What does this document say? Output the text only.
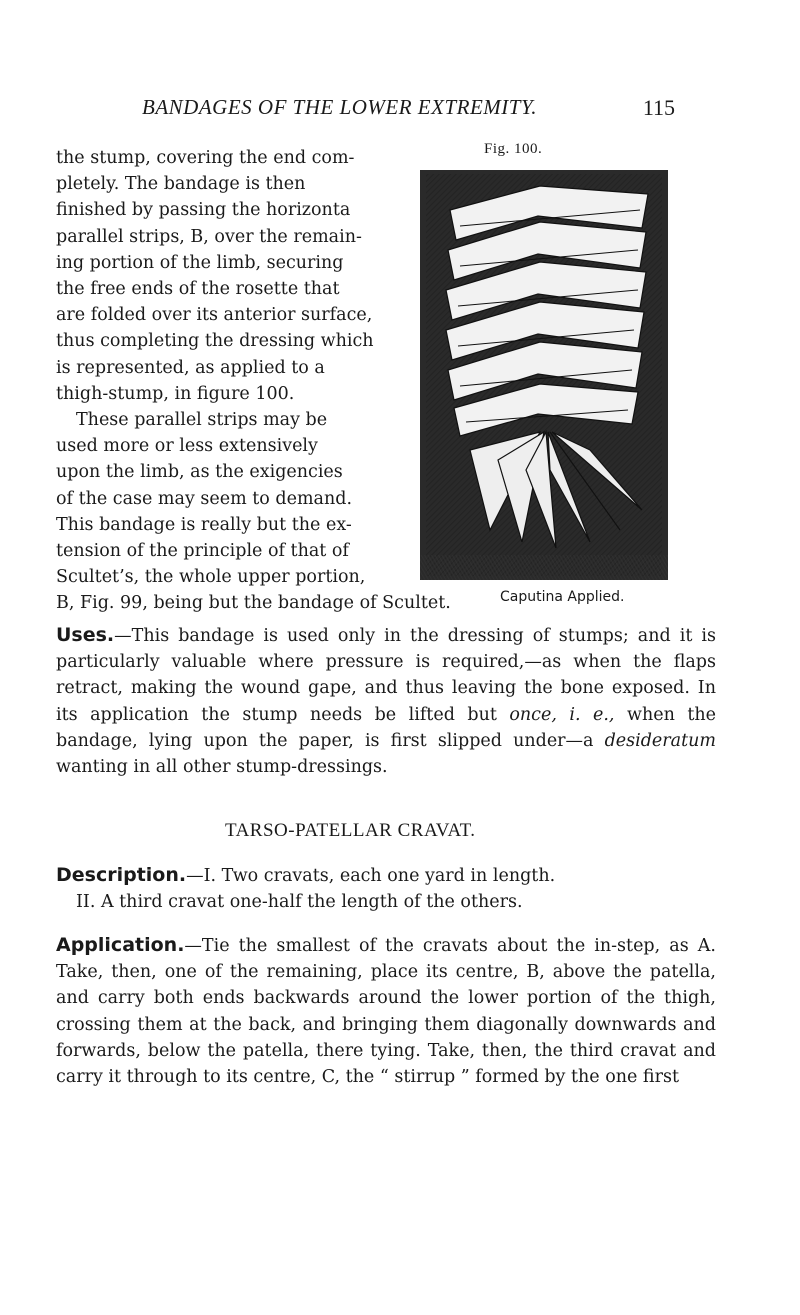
BANDAGES OF THE LOWER EXTREMITY.	115
Fig. 100.
Caputina Applied.
the stump, covering the end com-
pletely. The bandage is then
finished by passing the horizonta
parallel strips, B, over the remain-
ing portion of the limb, securing
the free ends of the rosette that
are folded over its anterior surface,
thus completing the dressing which
is represented, as applied to a
thigh-stump, in figure 100.
These parallel strips may be
used more or less extensively
upon the limb, as the exigencies
of the case may seem to demand.
This bandage is really but the ex-
tension of the principle of that of
Scultet’s, the whole upper portion,
B, Fig. 99, being but the bandage of Scultet.
Uses.—This bandage is used only in the dressing of stumps; and it is particularly valuable where pressure is required,—as when the flaps retract, making the wound gape, and thus leaving the bone exposed. In its application the stump needs be lifted but once, i. e., when the bandage, lying upon the paper, is first slipped under—a desideratum wanting in all other stump-dressings.
TARSO-PATELLAR CRAVAT.
Description.—I. Two cravats, each one yard in length.
II. A third cravat one-half the length of the others.
Application.—Tie the smallest of the cravats about the in-step, as A. Take, then, one of the remaining, place its centre, B, above the patella, and carry both ends backwards around the lower portion of the thigh, crossing them at the back, and bringing them diagonally downwards and forwards, below the patella, there tying. Take, then, the third cravat and carry it through to its centre, C, the “ stirrup ” formed by the one first
